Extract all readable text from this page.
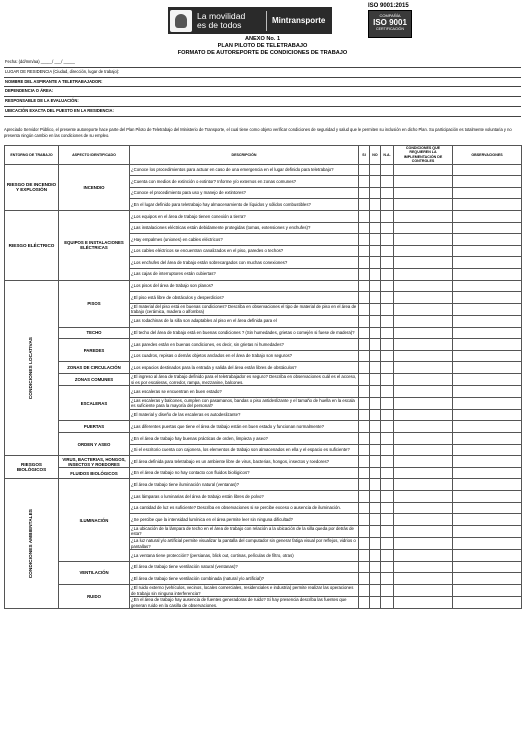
La movilidad
es de todos	Mintransporte
ISO 9001:2015
COMPAÑÍA
ISO 9001
CERTIFICACIÓN
ANEXO No. 1
PLAN PILOTO DE TELETRABAJO
FORMATO DE AUTOREPORTE DE CONDICIONES DE TRABAJO
Fecha: (dd/mm/aa) _____/ ___/ _____
LUGAR DE RESIDENCIA (Ciudad, dirección, lugar de trabajo):
NOMBRE DEL ASPIRANTE A TELETRABAJADOR:
DEPENDENCIA O ÁREA:
RESPONSABLE DE LA EVALUACIÓN:
UBICACIÓN EXACTA DEL PUESTO EN LA RESIDENCIA:
Apreciado Servidor Público, el presente autoreporte hace parte del Plan Piloto de Teletrabajo del Ministerio de Transporte, el cual tiene como objeto verificar condiciones de seguridad y salud que le permiten su inclusión en dicho Plan. Su participación es totalmente voluntaria y no presenta ningún cambio en las condiciones de su empleo.
ENTORNO DE TRABAJO	ASPECTO IDENTIFICADO	DESCRIPCIÓN	SI	NO	N.A.	CONDICIONES QUE REQUIEREN LA IMPLEMENTACIÓN DE CONTROLES	OBSERVACIONES
RIESGO DE INCENDIO Y EXPLOSIÓN	INCENDIO	¿Conoce los procedimientos para actuar en caso de una emergencia en el lugar definido para teletrabajo?					
		¿Cuenta con medios de extinción o extintor? Informe y/o externos en zonas comunes?					
		¿Conoce el procedimiento para uso y manejo de extintores?					
		¿En el lugar definido para teletrabajo hay almacenamiento de líquidos y sólidos combustibles?					
RIESGO ELÉCTRICO	EQUIPOS E INSTALACIONES ELÉCTRICAS	¿Los equipos en el área de trabajo tienen conexión a tierra?					
		¿Las instalaciones eléctricas están debidamente protegidas (tomas, extensiones y enchufes)?					
		¿Hay empalmes (uniones) en cables eléctricos?					
		¿Los cables eléctricos se encuentran canalizados en el piso, paredes o techos?					
		¿Los enchufes del área de trabajo están sobrecargados con muchas conexiones?					
		¿Las cajas de interruptores están cubiertas?					

CONDICIONES LOCATIVAS	PISOS	¿Los pisos del área de trabajo son planos?					
		¿El piso está libre de obstáculos y desperdicios?					
		¿El material del piso está en buenas condiciones? Describa en observaciones el tipo de material de piso en el área de trabajo (cerámica, madera o alfombra)					
		¿Las rodachinas de la silla son adaptables al piso en el área definida para el					
	TECHO	¿El techo del área de trabajo está en buenas condiciones ? (Sin humedades, grietas o comején si fuese de madera)?					
	PAREDES	¿Las paredes están en buenas condiciones, es decir, sin grietas ni humedades?					
		¿Los cuadros, repisas o demás objetos anclados en el área de trabajo son seguros?					
	ZONAS DE CIRCULACIÓN	¿Los espacios destinados para la entrada y salida del área están libres de obstáculos?					
	ZONAS COMUNES	¿El ingreso al área de trabajo definido para el teletrabajador es seguro? Describa en observaciones cuál es el acceso, si es por escaleras, corredor, rampa, mezzanine, balcones.					
	ESCALERAS	¿Las escaleras se encuentran en buen estado?					
		¿Las escaleras y balcones, cumplen con pasamanos, bandas o piso antideslizante y el tamaño de huella en la escala es suficiente para la mayoría del personal?					
		¿El material y diseño de las escaleras es autodeslizante?					
	PUERTAS	¿Las diferentes puertas que tiene el área de trabajo están en buen estado y funcionan normalmente?					
	ORDEN Y ASEO	¿En el área de trabajo hay buenas prácticas de orden, limpieza y aseo?					
		¿Si el escritorio cuenta con cajonera, los elementos de trabajo son almacenados en ella y el espacio es suficiente?					
RIESGOS BIOLÓGICOS	VIRUS, BACTERIAS, HONGOS, INSECTOS Y ROEDORES	¿El área definida para teletrabajo es un ambiente libre de virus, bacterias, hongos, insectos y roedores?					
	FLUIDOS BIOLÓGICOS	¿En el área de trabajo no hay contacto con fluidos biológicos?					

CONDICIONES AMBIENTALES	ILUMINACIÓN	¿El área de trabajo tiene iluminación natural (ventanas)?					
		¿Las lámparas o luminarias del área de trabajo están libres de polvo?					
		¿La cantidad de luz es suficiente? Describa en observaciones si se percibe exceso o ausencia de iluminación.					
		¿Se percibe que la intensidad lumínica en el área permite leer sin ninguna dificultad?					
		¿La ubicación de la lámpara de techo en el área de trabajo con relación a la ubicación de la silla queda por detrás de esta?					
		¿La luz natural y/o artificial permite visualizar la pantalla del computador sin generar fatiga visual por reflejos, vidrios o pantallas?					
		¿La ventana tiene protección? (persianas, blick out, cortinas, películas de filtro, otras)					
	VENTILACIÓN	¿El área de trabajo tiene ventilación natural (ventanas)?					
		¿El área de trabajo tiene ventilación combinada (natural y/o artificial)?					
	RUIDO	¿El ruido externo (vehículos, vecinos, locales comerciales, residenciales e industria) permite realizar las operaciones de trabajo sin ninguna interferencia?					
		¿En el área de trabajo hay ausencia de fuentes generadoras de ruido? Si hay presencia describa las fuentes que generan ruido en la casilla de observaciones.					
